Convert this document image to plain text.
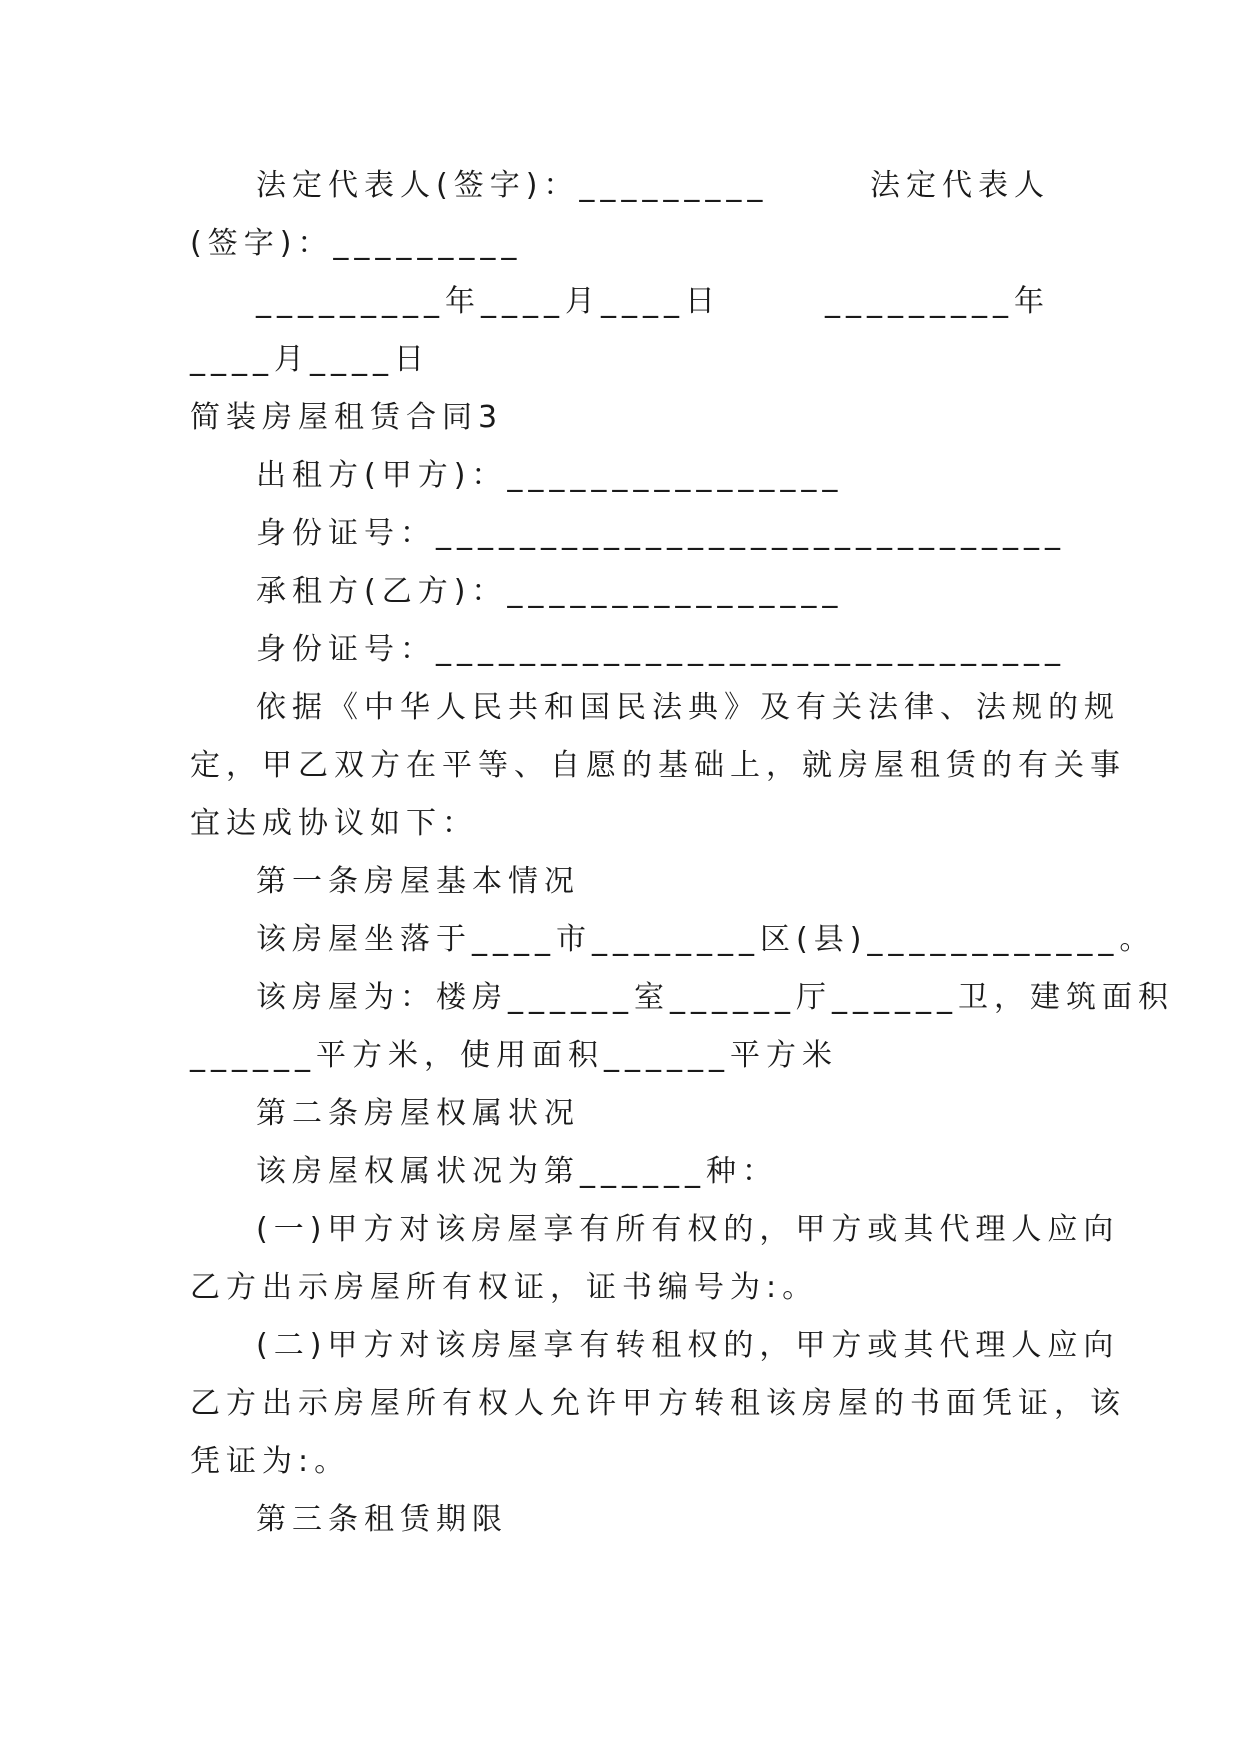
法定代表人(签字)：_________	法定代表人
(签字)：_________
_________年____月____日	_________年
____月____日
简装房屋租赁合同3
出租方(甲方)：________________
身份证号：______________________________
承租方(乙方)：________________
身份证号：______________________________
依据《中华人民共和国民法典》及有关法律、法规的规
定，甲乙双方在平等、自愿的基础上，就房屋租赁的有关事
宜达成协议如下：
第一条房屋基本情况
该房屋坐落于____市________区(县)____________。
该房屋为：楼房______室______厅______卫，建筑面积
______平方米，使用面积______平方米
第二条房屋权属状况
该房屋权属状况为第______种：
(一)甲方对该房屋享有所有权的，甲方或其代理人应向
乙方出示房屋所有权证，证书编号为:。
(二)甲方对该房屋享有转租权的，甲方或其代理人应向
乙方出示房屋所有权人允许甲方转租该房屋的书面凭证，该
凭证为:。
第三条租赁期限
